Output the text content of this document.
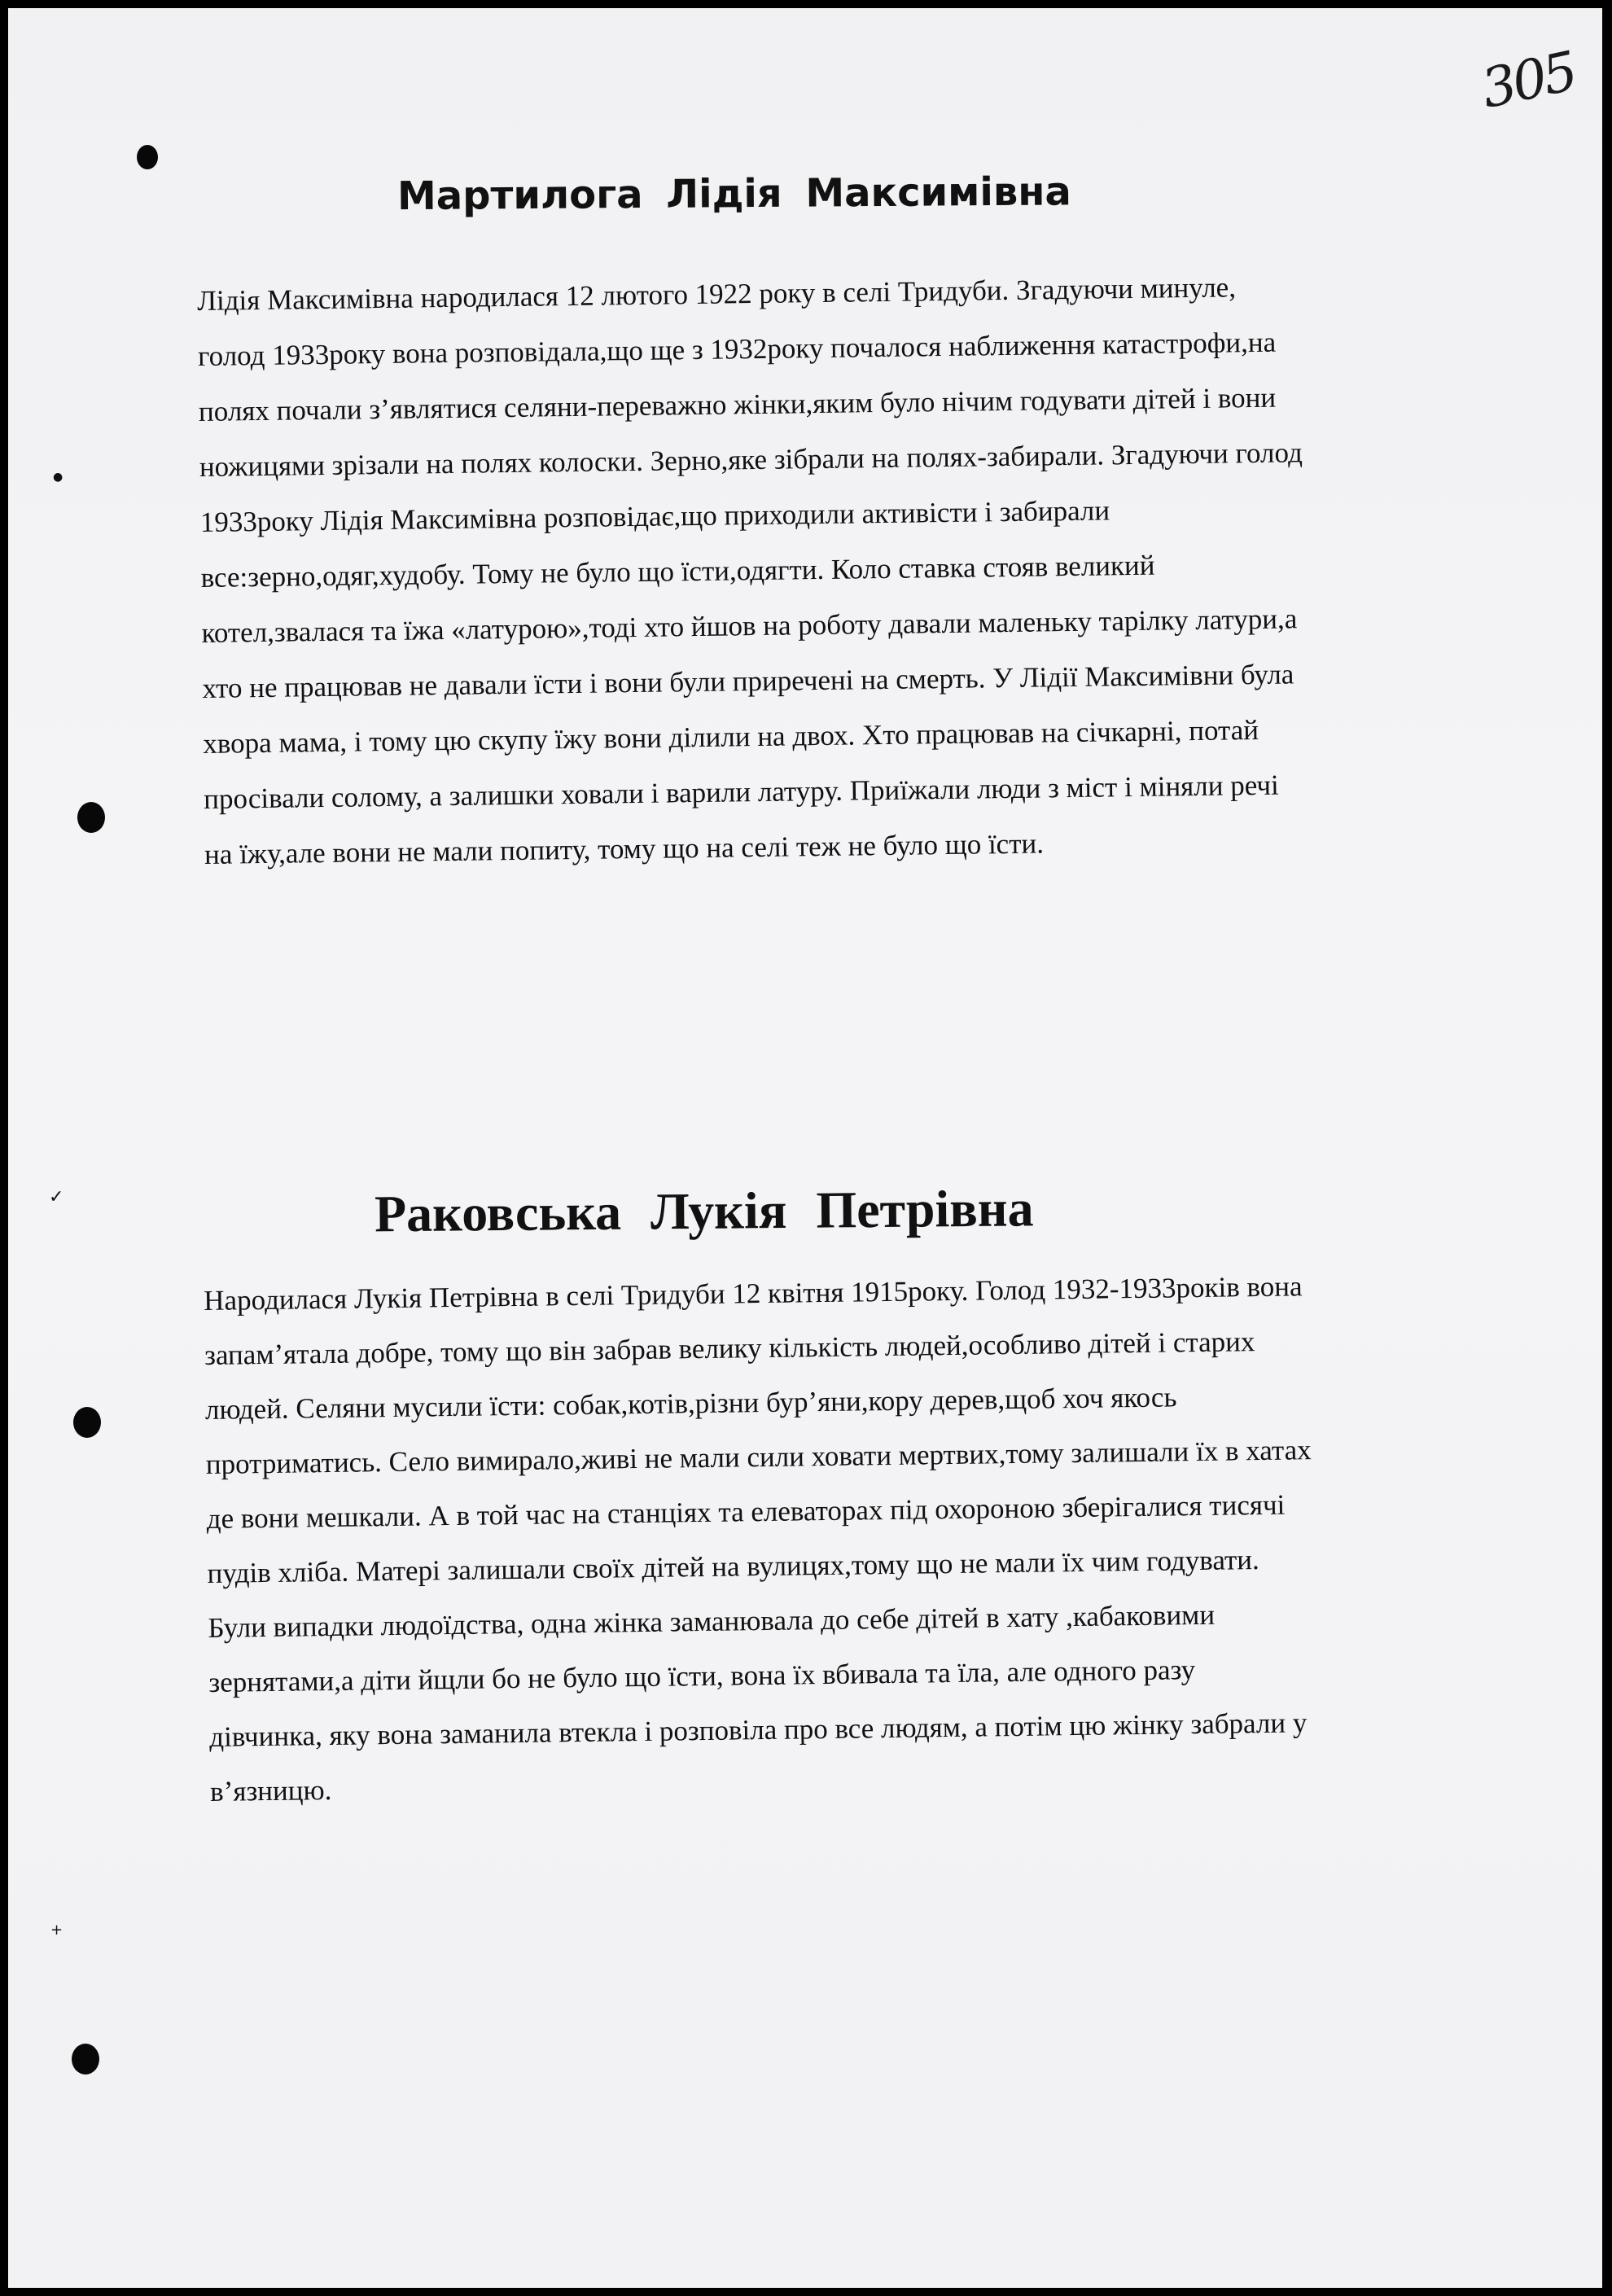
●
✓
+
305
Мартилога Лідія Максимівна
Лідія Максимівна народилася 12 лютого 1922 року в селі Тридуби. Згадуючи минуле,
голод 1933року вона розповідала,що ще з 1932року почалося наближення катастрофи,на
полях почали з’являтися селяни-переважно жінки,яким було нічим годувати дітей і вони
ножицями зрізали на полях колоски. Зерно,яке зібрали на полях-забирали. Згадуючи голод
1933року Лідія Максимівна розповідає,що приходили активісти і забирали
все:зерно,одяг,худобу. Тому не було що їсти,одягти. Коло ставка стояв великий
котел,звалася та їжа «латурою»,тоді хто йшов на роботу давали маленьку тарілку латури,а
хто не працював не давали їсти і вони були приречені на смерть. У Лідії Максимівни була
хвора мама, і тому цю скупу їжу вони ділили на двох. Хто працював на січкарні, потай
просівали солому, а залишки ховали і варили латуру. Приїжали люди з міст і міняли речі
на їжу,але вони не мали попиту, тому що на селі теж не було що їсти.
Раковська Лукія Петрівна
Народилася Лукія Петрівна в селі Тридуби 12 квітня 1915року. Голод 1932-1933років вона
запам’ятала добре, тому що він забрав велику кількість людей,особливо дітей і старих
людей. Селяни мусили їсти: собак,котів,різни бур’яни,кору дерев,щоб хоч якось
протриматись. Село вимирало,живі не мали сили ховати мертвих,тому залишали їх в хатах
де вони мешкали. А в той час на станціях та елеваторах під охороною зберігалися тисячі
пудів хліба. Матері залишали своїх дітей на вулицях,тому що не мали їх чим годувати.
Були випадки людоїдства, одна жінка заманювала до себе дітей в хату ,кабаковими
зернятами,а діти йщли бо не було що їсти, вона їх вбивала та їла, але одного разу
дівчинка, яку вона заманила втекла і розповіла про все людям, а потім цю жінку забрали у
в’язницю.
